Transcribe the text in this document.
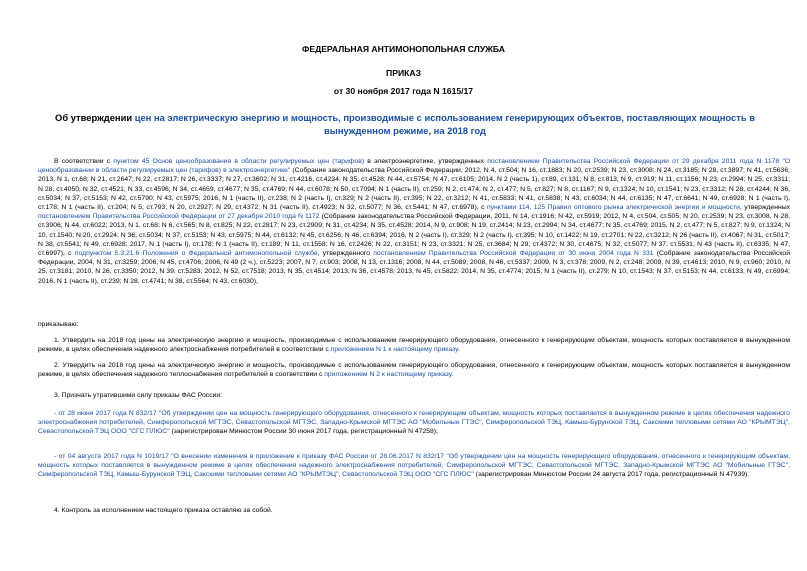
ФЕДЕРАЛЬНАЯ АНТИМОНОПОЛЬНАЯ СЛУЖБА
ПРИКАЗ
от 30 ноября 2017 года N 1615/17
Об утверждении цен на электрическую энергию и мощность, производимые с использованием генерирующих объектов, поставляющих мощность в вынужденном режиме, на 2018 год

В соответствии с пунктом 45 Основ ценообразования в области регулируемых цен (тарифов) в электроэнергетике, утвержденных постановлением Правительства Российской Федерации от 29 декабря 2011 года N 1178 "О ценообразовании в области регулируемых цен (тарифов) в электроэнергетике" (Собрание законодательства Российской Федерации, 2012, N 4, ст.504; N 16, ст.1883; N 20, ст.2539; N 23, ст.3008; N 24, ст.3185; N 28, ст.3897; N 41, ст.5636; 2013, N 1, ст.68; N 21, ст.2647; N 22, ст.2817; N 26, ст.3337; N 27, ст.3602; N 31, ст.4216, ст.4234; N 35, ст.4528; N 44, ст.5754; N 47, ст.6105; 2014, N 2 (часть 1), ст.89, ст.131; N 8, ст.813; N 9, ст.919; N 11, ст.1156; N 23, ст.2994; N 25, ст.3311; N 28, ст.4050; N 32, ст.4521; N 33, ст.4596; N 34, ст.4659, ст.4677; N 35, ст.4769; N 44, ст.6078; N 50, ст.7094; N 1 (часть II), ст.259; N 2, ст.474; N 2, ст.477; N 5, ст.827; N 8, ст.1167; N 9, ст.1324; N 10, ст.1541; N 23, ст.3312; N 28, ст.4244; N 36, ст.5034; N 37, ст.5153; N 42, ст.5790; N 43, ст.5975; 2016, N 1 (часть II), ст.238; N 2 (часть I), ст.329; N 2 (часть II), ст.395; N 22, ст.3212; N 41, ст.5833; N 41, ст.5838; N 43, ст.6034; N 44, ст.6135; N 47, ст.6641; N 49, ст.6928; N 1 (часть I), ст.178; N 1 (часть II), ст.204; N 5, ст.793; N 20, ст.2927; N 29, ст.4372; N 31 (часть II), ст.4923; N 32, ст.5077; N 36, ст.5441; N 47, ст.6978), с пунктами 114, 125 Правил оптового рынка электрической энергии и мощности, утвержденных постановлением Правительства Российской Федерации от 27 декабря 2010 года N 1172 (Собрание законодательства Российской Федерации, 2011, N 14, ст.1916; N 42, ст.5919; 2012, N 4, ст.504, ст.505; N 20, ст.2539; N 23, ст.3008, N 28, ст.3906; N 44, ст.6022; 2013, N 1, ст.68; N 6, ст.565; N 8, ст.825; N 22, ст.2817; N 23, ст.2909; N 31, ст.4234; N 35, ст.4528; 2014, N 9, ст.908; N 19, ст.2414; N 23, ст.2994; N 34, ст.4677; N 35, ст.4769; 2015, N 2, ст.477; N 5, ст.827; N 9, ст.1324; N 10, ст.1540; N 20, ст.2924; N 36, ст.5034; N 37, ст.5153; N 43, ст.5975; N 44, ст.6132; N 45, ст.6256; N 46, ст.6394; 2016, N 2 (часть I), ст.329; N 2 (часть I), ст.395; N 10, ст.1422; N 19, ст.2701; N 22, ст.3212; N 26 (часть II), ст.4067; N 31, ст.5017; N 38, ст.5541; N 49, ст.6928; 2017, N 1 (часть I), ст.178; N 1 (часть II), ст.189; N 11, ст.1558; N 16, ст.2426; N 22, ст.3151; N 23, ст.3321; N 25, ст.3684; N 29, ст.4372; N 30, ст.4675; N 32, ст.5077; N 37, ст.5531; N 43 (часть II), ст.6335; N 47, ст.6997), с подпунктом 5.3.21.6 Положения о Федеральной антимонопольной службе, утвержденного постановлением Правительства Российской Федерации от 30 июня 2004 года N 331 (Собрание законодательства Российской Федерации, 2004, N 31, ст.3259; 2006, N 45, ст.4706; 2006, N 49 (2 ч.), ст.5223; 2007, N 7, ст.903; 2008, N 13, ст.1316; 2008, N 44, ст.5089; 2008, N 46, ст.5337; 2009, N 3, ст.378; 2009, N 2, ст.248; 2009, N 39, ст.4613; 2010, N 9, ст.960; 2010, N 25, ст.3181; 2010, N 26, ст.3350; 2012, N 39, ст.5283; 2012, N 52, ст.7518; 2013, N 35, ст.4514; 2013, N 36, ст.4578; 2013, N 45, ст.5822; 2014, N 35, ст.4774; 2015, N 1 (часть II), ст.279; N 10, ст.1543; N 37, ст.5153; N 44, ст.6133; N 49, ст.6994; 2016, N 1 (часть II), ст.239; N 28, ст.4741; N 38, ст.5564; N 43, ст.6030),

приказываю:

1. Утвердить на 2018 год цены на электрическую энергию и мощность, производимые с использованием генерирующего оборудования, отнесенного к генерирующим объектам, мощность которых поставляется в вынужденном режиме, в целях обеспечения надежного электроснабжения потребителей в соответствии с приложением N 1 к настоящему приказу.

2. Утвердить на 2018 год цены на электрическую энергию и мощность, производимые с использованием генерирующего оборудования, отнесенного к генерирующим объектам, мощность которых поставляется в вынужденном режиме, в целях обеспечения надежного теплоснабжения потребителей в соответствии с приложением N 2 к настоящему приказу.

3. Признать утратившими силу приказы ФАС России:

- от 28 июня 2017 года N 832/17 "Об утверждении цен на мощность генерирующего оборудования, отнесенного к генерирующим объектам, мощность которых поставляется в вынужденном режиме в целях обеспечения надежного электроснабжения потребителей, Симферопольской МГТЭС, Севастопольской МГТЭС, Западно-Крымской МГТЭС АО "Мобильные ГТЭС", Симферопольской ТЭЦ, Камыш-Бурунской ТЭЦ, Сакскими тепловыми сетями АО "КРЫМТЭЦ", Севастопольской ТЭЦ ООО "СГС ПЛЮС" (зарегистрирован Минюстом России 30 июня 2017 года, регистрационный N 47258);

- от 04 августа 2017 года N 1019/17 "О внесении изменения в приложение к приказу ФАС России от 28.06.2017 N 832/17 "Об утверждении цен на мощность генерирующего оборудования, отнесенного к генерирующим объектам, мощность которых поставляется в вынужденном режиме в целях обеспечения надежного электроснабжения потребителей, Симферопольской МГТЭС, Севастопольской МГТЭС, Западно-Крымской МГТЭС АО "Мобильные ГТЭС", Симферопольской ТЭЦ, Камыш-Бурунской ТЭЦ, Сакскими тепловыми сетями АО "КРЫМТЭЦ", Севастопольской ТЭЦ ООО "СГС ПЛЮС" (зарегистрирован Минюстом России 24 августа 2017 года, регистрационный N 47939).

4. Контроль за исполнением настоящего приказа оставляю за собой.
